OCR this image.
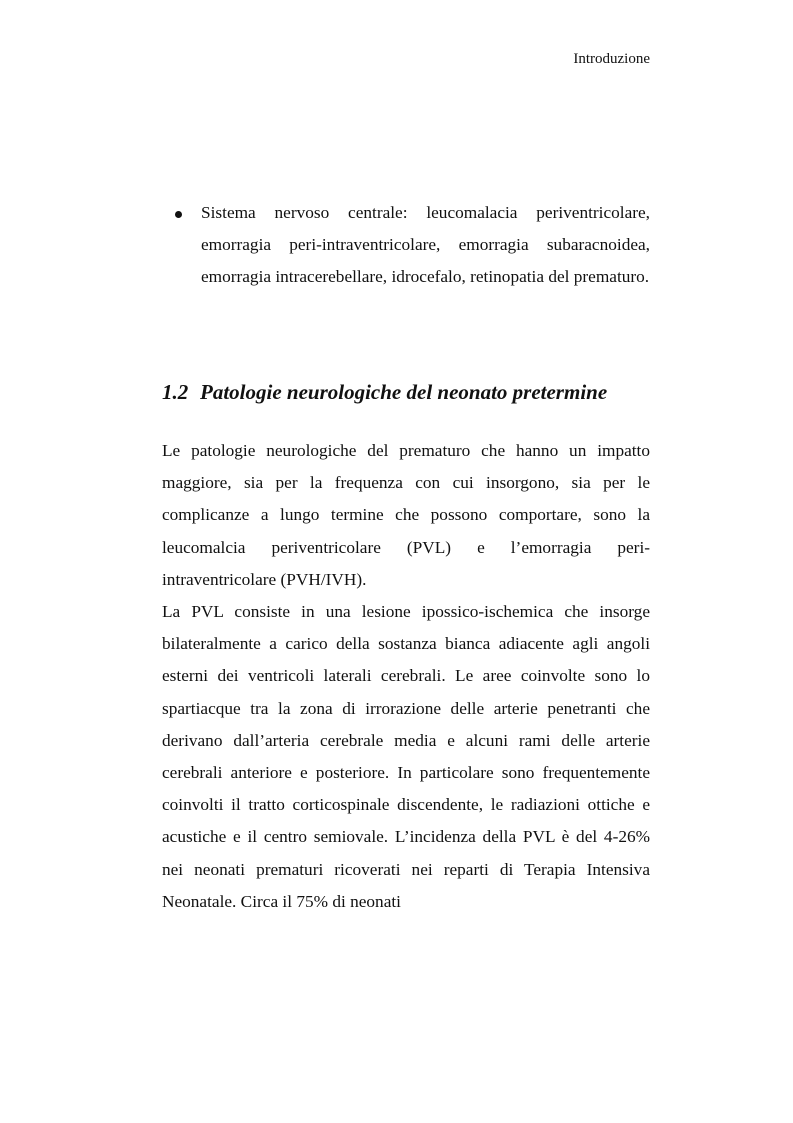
Introduzione
Sistema nervoso centrale: leucomalacia periventricolare, emorragia peri-intraventricolare, emorragia subaracnoidea, emorragia intracerebellare, idrocefalo, retinopatia del prematuro.
1.2 Patologie neurologiche del neonato pretermine

Le patologie neurologiche del prematuro che hanno un impatto maggiore, sia per la frequenza con cui insorgono, sia per le complicanze a lungo termine che possono comportare, sono la leucomalcia periventricolare (PVL) e l’emorragia peri-intraventricolare (PVH/IVH).

La PVL consiste in una lesione ipossico-ischemica che insorge bilateralmente a carico della sostanza bianca adiacente agli angoli esterni dei ventricoli laterali cerebrali. Le aree coinvolte sono lo spartiacque tra la zona di irrorazione delle arterie penetranti che derivano dall’arteria cerebrale media e alcuni rami delle arterie cerebrali anteriore e posteriore. In particolare sono frequentemente coinvolti il tratto corticospinale discendente, le radiazioni ottiche e acustiche e il centro semiovale. L’incidenza della PVL è del 4-26% nei neonati prematuri ricoverati nei reparti di Terapia Intensiva Neonatale. Circa il 75% di neonati
